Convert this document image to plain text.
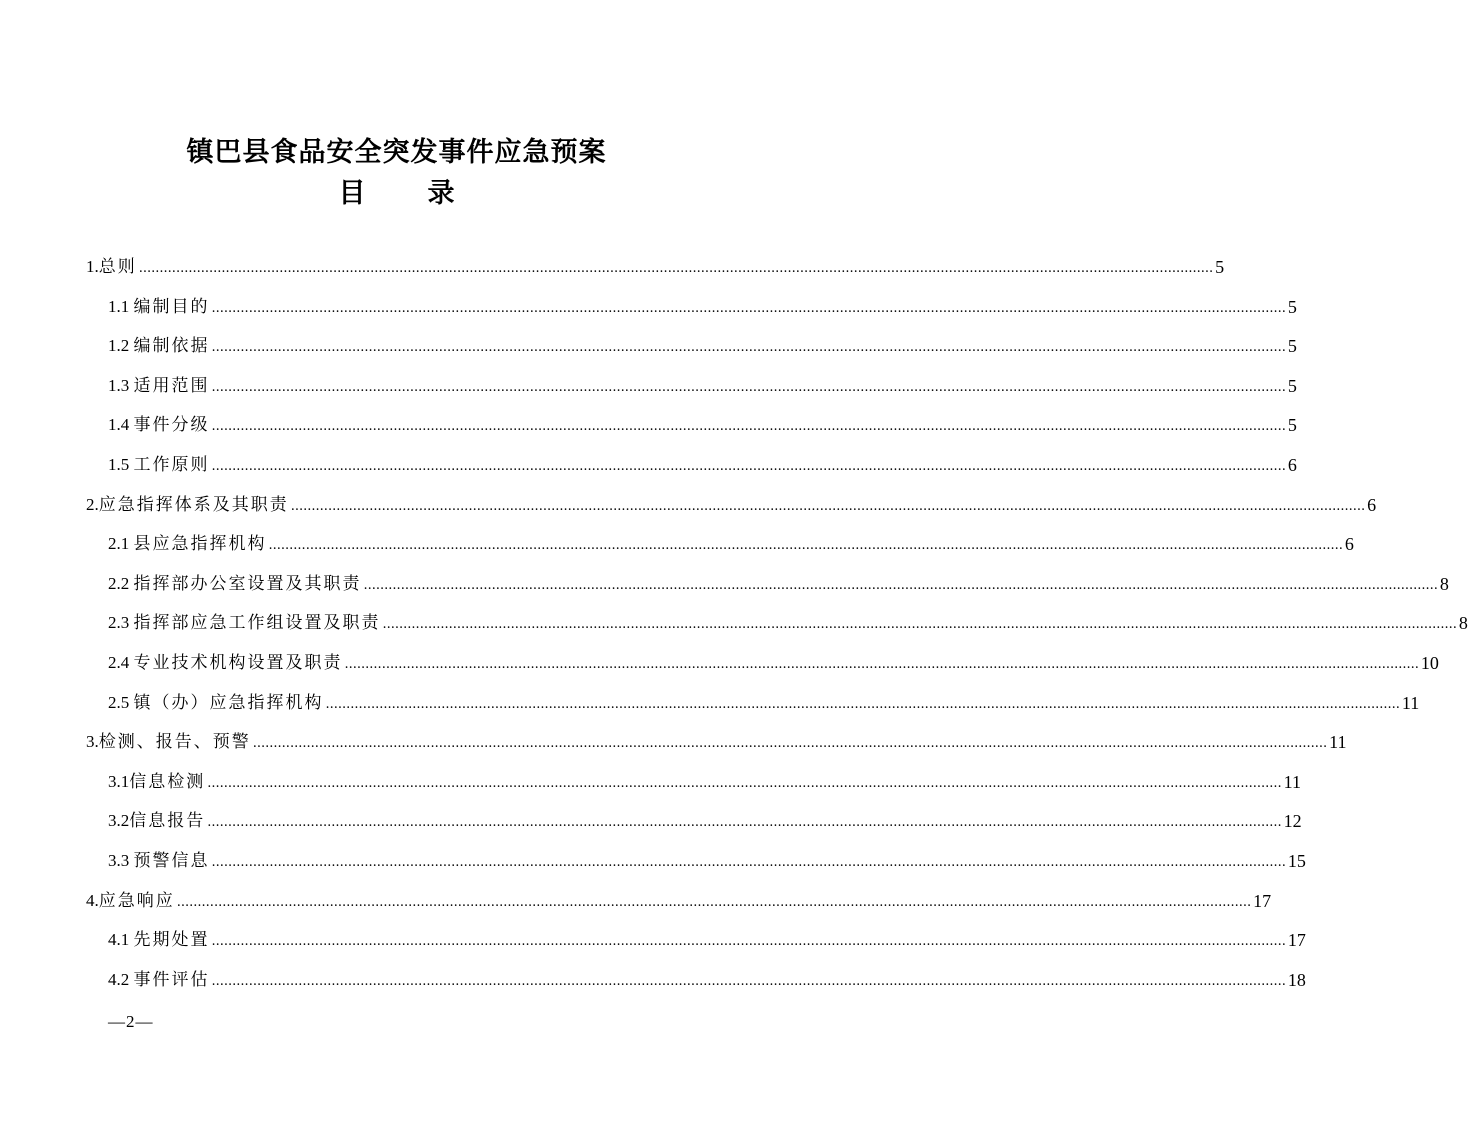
镇巴县食品安全突发事件应急预案
目 录
1.总则 .................................................................................................................................................................................................................................................................... 5
1.1 编制目的 .................................................................................................................................................................................................................................................................... 5
1.2 编制依据 .................................................................................................................................................................................................................................................................... 5
1.3 适用范围 .................................................................................................................................................................................................................................................................... 5
1.4 事件分级 .................................................................................................................................................................................................................................................................... 5
1.5 工作原则 .................................................................................................................................................................................................................................................................... 6
2.应急指挥体系及其职责 .................................................................................................................................................................................................................................................................... 6
2.1 县应急指挥机构 .................................................................................................................................................................................................................................................................... 6
2.2 指挥部办公室设置及其职责 .................................................................................................................................................................................................................................................................... 8
2.3 指挥部应急工作组设置及职责 .................................................................................................................................................................................................................................................................... 8
2.4 专业技术机构设置及职责 .................................................................................................................................................................................................................................................................... 10
2.5 镇（办）应急指挥机构 .................................................................................................................................................................................................................................................................... 11
3.检测、报告、预警 .................................................................................................................................................................................................................................................................... 11
3.1信息检测 .................................................................................................................................................................................................................................................................... 11
3.2信息报告 .................................................................................................................................................................................................................................................................... 12
3.3 预警信息 .................................................................................................................................................................................................................................................................... 15
4.应急响应 .................................................................................................................................................................................................................................................................... 17
4.1 先期处置 .................................................................................................................................................................................................................................................................... 17
4.2 事件评估 .................................................................................................................................................................................................................................................................... 18
—2—
